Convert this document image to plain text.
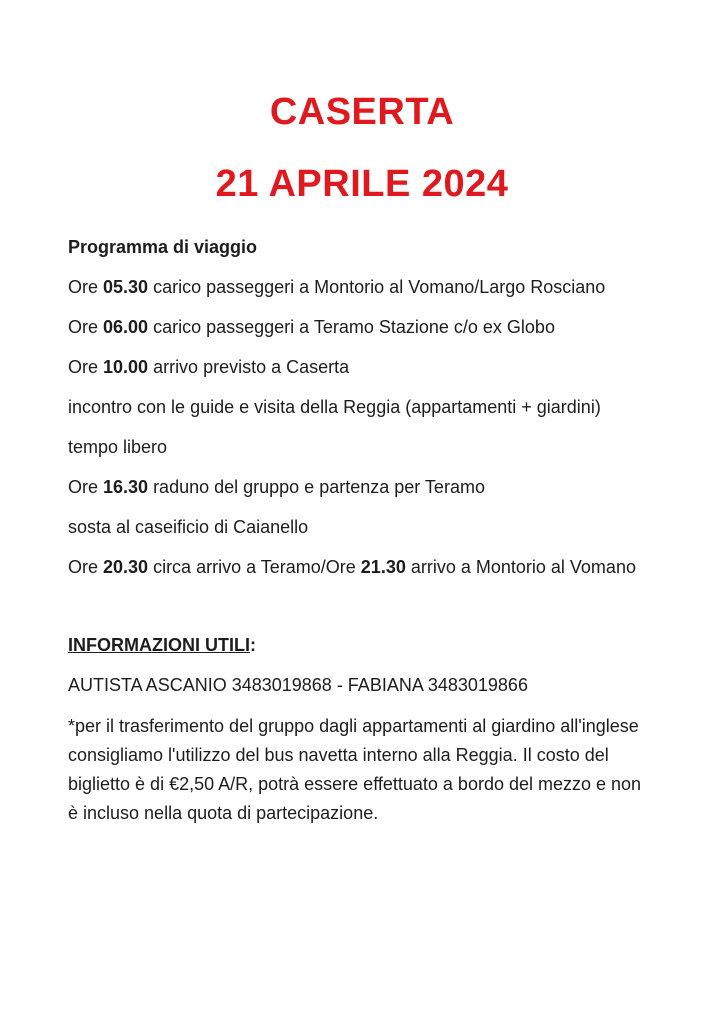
CASERTA
21 APRILE 2024
Programma di viaggio
Ore 05.30 carico passeggeri a Montorio al Vomano/Largo Rosciano
Ore 06.00 carico passeggeri a Teramo Stazione c/o ex Globo
Ore 10.00 arrivo previsto a Caserta
incontro con le guide e visita della Reggia (appartamenti + giardini)
tempo libero
Ore 16.30 raduno del gruppo e partenza per Teramo
sosta al caseificio di Caianello
Ore 20.30 circa arrivo a Teramo/Ore 21.30 arrivo a Montorio al Vomano
INFORMAZIONI UTILI:
AUTISTA ASCANIO 3483019868 - FABIANA 3483019866
*per il trasferimento del gruppo dagli appartamenti al giardino all'inglese
consigliamo l'utilizzo del bus navetta interno alla Reggia. Il costo del
biglietto è di €2,50 A/R, potrà essere effettuato a bordo del mezzo e non
è incluso nella quota di partecipazione.
